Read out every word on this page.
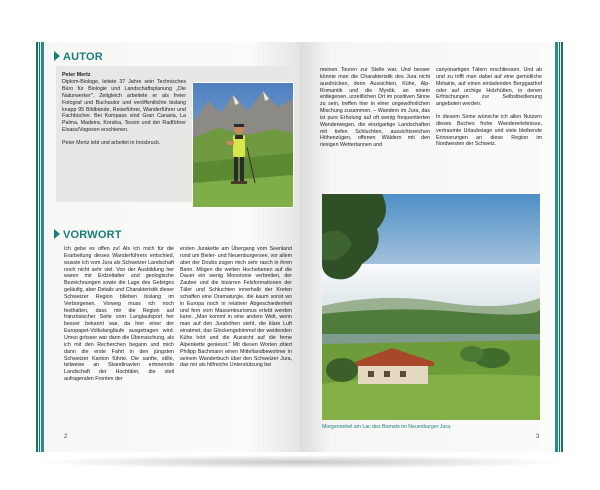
AUTOR
Peter Mertz

Diplom-Biologe, leitete 37 Jahre sein Technisches Büro für Biologie und Landschaftsplanung „Die Naturwerker". Zeitgleich arbeitete er als freier Fotograf und Buchautor und veröffentlichte bislang knapp 95 Bildbände, Reiseführer, Wanderführer und Fachbücher. Bei Kompass sind Gran Canaria, La Palma, Madeira, Korsika, Tessin und der Radführer Elsass/Vogesen erschienen.

Peter Mertz lebt und arbeitet in Innsbruck.

VORWORT

Ich gebe es offen zu! Als ich mich für die Erarbeitung dieses Wanderführers entschied, wusste ich vom Jura als Schweizer Landschaft noch nicht sehr viel. Von der Ausbildung her waren mir Erdzeitalter und geologische Bezeichnungen sowie die Lage des Gebirges geläufig, aber Details und Charakteristik dieser Schweizer Region blieben bislang im Verborgenen. Vorweg muss ich noch festhalten, dass mir die Region auf französischer Seite vom Langlaufsport her besser bekannt war, da hier einer der Europapet-Volkslangläufe ausgetragen wird. Umso grösser war dann die Überraschung, als ich mit den Recherchen begann und mich dann die erste Fahrt in den jüngsten Schweizer Kanton führte. Die sanfte, stille, teilweise an Skandinavien erinnernde Landschaft der Hochtäler, die steil aufragenden Fronten der

ersten Jurakette am Übergang vom Seenland rund um Bieler- und Neuenburgersee, vor allem aber der Doubs zogen mich sehr rasch in ihren Bann. Mögen die weiten Hochebenen auf die Dauer ein wenig Monotonie verbreiten, der Zauber und die bizarren Felsformationen der Täler und Schluchten innerhalb der Kreten schaffen eine Dramaturgie, die kaum sonst wo in Europa noch in relativer Abgeschiedenheit und fern vom Massentourismus erlebt werden kann. „Man kommt in eine andere Welt, wenn man auf den Jurahöhen steht, die klare Luft einatmet, das Glockengebimmel der weidenden Kühe hört und die Aussicht auf die ferne Alpenkette geniesst." Mit diesen Worten zitiert Philipp Bachmann einen Mittellandbewohner in seinem Wanderbuch über den Schweizer Jura, das mir als hilfreiche Unterstützung bei

2

meinen Touren zur Stelle war. Und besser könnte man die Charakteristik des Jura nicht ausdrücken, denn Aussichten, Kühe, Alp-Romantik und die Mystik, an einem entlegenen, urzeitlichen Ort im positiven Sinne zu sein, treffen hier in einer ungewöhnlichen Mischung zusammen. – Wandern im Jura, das ist pure Erholung auf oft wenig frequentierten Wanderwegen, die einzigartige Landschaften mit tiefen Schluchten, aussichtsreichen Höhenzügen, offenen Wäldern mit den riesigen Wettertannen und

canyonartigen Tälern erschliessen. Und ab und zu trifft man dabei auf eine gemütliche Métairie, auf einen einladenden Berggasthof oder auf urchige Holzhütten, in denen Erfrischungen zur Selbstbedienung angeboten werden.

In diesem Sinne wünsche ich allen Nutzern dieses Buches frohe Wandererlebnisse, vertraumte Urlaubstage und viele bleibende Erinnerungen an diese Region im Nordwesten der Schweiz.

Morgennebel am Lac des Brenets im Neuenburger Jura.
3
